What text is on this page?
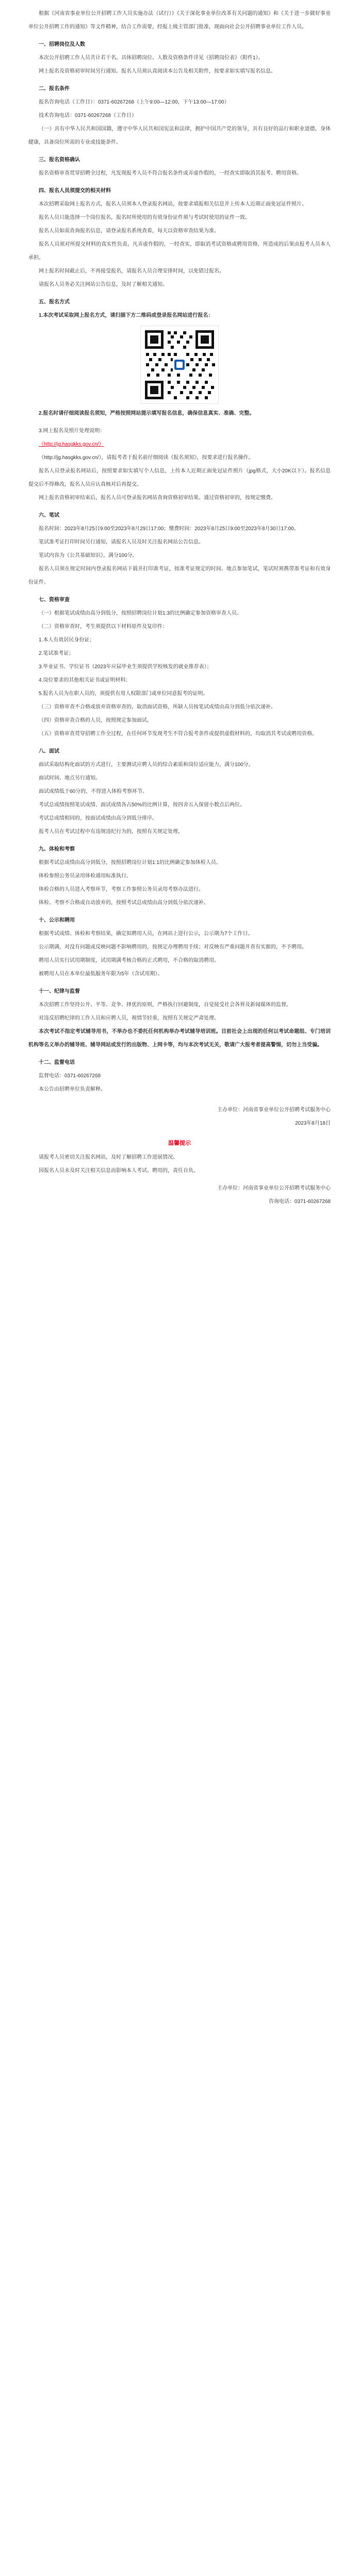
根据《河南省事业单位公开招聘工作人员实施办法（试行）》《关于深化事业单位改革有关问题的通知》和《关于进一步做好事业单位公开招聘工作的通知》等文件精神，结合工作需要，经报上级主管部门批准，现面向社会公开招聘事业单位工作人员。

一、招聘岗位及人数

本次公开招聘工作人员共计若干名。具体招聘岗位、人数及资格条件详见《招聘岗位表》（附件1）。

网上报名及资格初审时间另行通知。报名人员须认真阅读本公告及相关附件，按要求如实填写报名信息。

二、报名条件

报名咨询电话（工作日）：0371-60267268（上午9:00—12:00，下午13:00—17:00）

技术咨询电话：0371-60267268（工作日）

（一）具有中华人民共和国国籍，遵守中华人民共和国宪法和法律，拥护中国共产党的领导，具有良好的品行和职业道德，身体健康，具备岗位所需的专业或技能条件。

三、报名资格确认

报名资格审查贯穿招聘全过程，凡发现报考人员不符合报名条件或弄虚作假的，一经查实即取消其报考、聘用资格。

四、报名人员须提交的相关材料

本次招聘采取网上报名方式，报名人员须本人登录报名网站，按要求填报相关信息并上传本人近期正面免冠证件照片。

报名人员只能选择一个岗位报名，报名时所使用的有效身份证件须与考试时使用的证件一致。

报名人员如需查询报名信息，请登录报名系统查看，每天以资格审查结果为准。

报名人员须对所提交材料的真实性负责。凡弄虚作假的，一经查实，即取消考试资格或聘用资格，所造成的后果由报考人员本人承担。

网上报名时间截止后，不再接受报名，请报名人员合理安排时间，以免错过报名。

请报名人员务必关注网站公告信息，及时了解相关通知。

五、报名方式

1.本次考试采取网上报名方式，请扫描下方二维码或登录报名网站进行报名：

2.报名时请仔细阅读报名须知，严格按照网站提示填写报名信息，确保信息真实、准确、完整。

3.网上报名及照片处理说明：

（http://jg.hasgkks.gov.cn/）

（http://jg.hasgkks.gov.cn/），请报考者于报名前仔细阅读《报名须知》，按要求进行报名操作。

报名人员登录报名网站后，按照要求如实填写个人信息，上传本人近期正面免冠证件照片（jpg格式，大小20K以下）。报名信息提交后不得修改，报名人员应认真核对后再提交。

网上报名资格初审结束后，报名人员可登录报名网站查询资格初审结果。通过资格初审的，按规定缴费。

六、笔试

报名时间：2023年8月25日9:00至2023年8月29日17:00；缴费时间：2023年8月25日9:00至2023年8月30日17:00。

笔试准考证打印时间另行通知，请报名人员及时关注报名网站公告信息。

笔试内容为《公共基础知识》，满分100分。

报名人员须在规定时间内登录报名网站下载并打印准考证，按准考证规定的时间、地点参加笔试，笔试时须携带准考证和有效身份证件。

七、资格审查

（一）根据笔试成绩由高分到低分，按照招聘岗位计划1:3的比例确定参加资格审查人员。

（二）资格审查时，考生须提供以下材料原件及复印件：

1.本人有效居民身份证；

2.笔试准考证；

3.毕业证书、学位证书（2023年应届毕业生须提供学校核发的就业推荐表）；

4.岗位要求的其他相关证书或证明材料；

5.报名人员为在职人员的，须提供有用人权限部门或单位同意报考的证明。

（三）资格审查不合格或放弃资格审查的，取消面试资格，所缺人员按笔试成绩由高分到低分依次递补。

（四）资格审查合格的人员，按照规定参加面试。

（五）资格审查贯穿招聘工作全过程，在任何环节发现考生不符合报考条件或提供虚假材料的，均取消其考试或聘用资格。

八、面试

面试采取结构化面试的方式进行，主要测试应聘人员的综合素质和岗位适应能力，满分100分。

面试时间、地点另行通知。

面试成绩低于60分的，不得进入体检考察环节。

考试总成绩按照笔试成绩、面试成绩各占50%的比例计算，按四舍五入保留小数点后两位。

考试总成绩相同的，按面试成绩由高分到低分排序。

报考人员在考试过程中有违规违纪行为的，按照有关规定处理。

九、体检和考察

根据考试总成绩由高分到低分，按照招聘岗位计划1:1的比例确定参加体检人员。

体检参照公务员录用体检通用标准执行。

体检合格的人员进入考察环节，考察工作参照公务员录用考察办法进行。

体检、考察不合格或自动放弃的，按照考试总成绩由高分到低分依次递补。

十、公示和聘用

根据考试成绩、体检和考察结果，确定拟聘用人员，在网站上进行公示，公示期为7个工作日。

公示期满，对没有问题或反映问题不影响聘用的，按规定办理聘用手续；对反映有严重问题并查有实据的，不予聘用。

聘用人员实行试用期制度，试用期满考核合格的正式聘用，不合格的取消聘用。

被聘用人员在本单位最低服务年限为5年（含试用期）。

十一、纪律与监督

本次招聘工作坚持公开、平等、竞争、择优的原则，严格执行回避制度，自觉接受社会各界及新闻媒体的监督。

对违反招聘纪律的工作人员和应聘人员，视情节轻重，按照有关规定严肃处理。

本次考试不指定考试辅导用书，不举办也不委托任何机构举办考试辅导培训班。目前社会上出现的任何以考试命题组、专门培训机构等名义举办的辅导班、辅导网站或发行的出版物、上网卡等，均与本次考试无关，敬请广大报考者提高警惕，切勿上当受骗。

十二、监督电话

监督电话：0371-60267268

本公告由招聘单位负责解释。

主办单位：河南省事业单位公开招聘考试服务中心
2023年8月18日
温馨提示

请报考人员密切关注报名网站，及时了解招聘工作进展情况。

因报名人员未及时关注相关信息而影响本人考试、聘用的，责任自负。

主办单位：河南省事业单位公开招聘考试服务中心
咨询电话：0371-60267268
